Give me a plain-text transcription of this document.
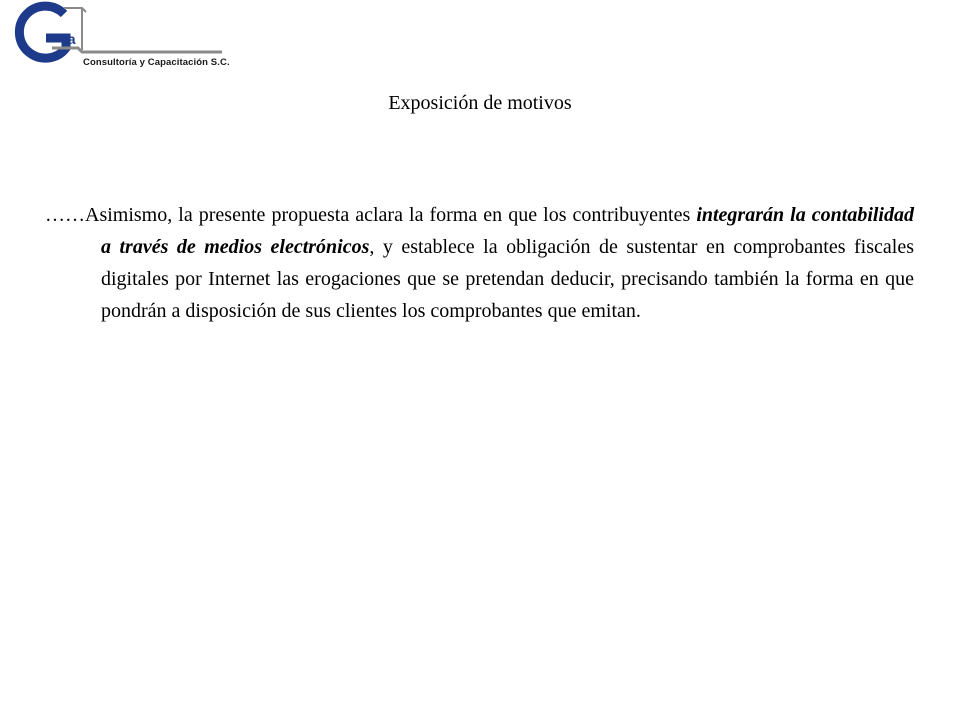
va
Consultoría y Capacitación S.C.
Exposición de motivos
……Asimismo, la presente propuesta aclara la forma en que los contribuyentes integrarán la contabilidad a través de medios electrónicos, y establece la obligación de sustentar en comprobantes fiscales digitales por Internet las erogaciones que se pretendan deducir, precisando también la forma en que pondrán a disposición de sus clientes los comprobantes que emitan.
